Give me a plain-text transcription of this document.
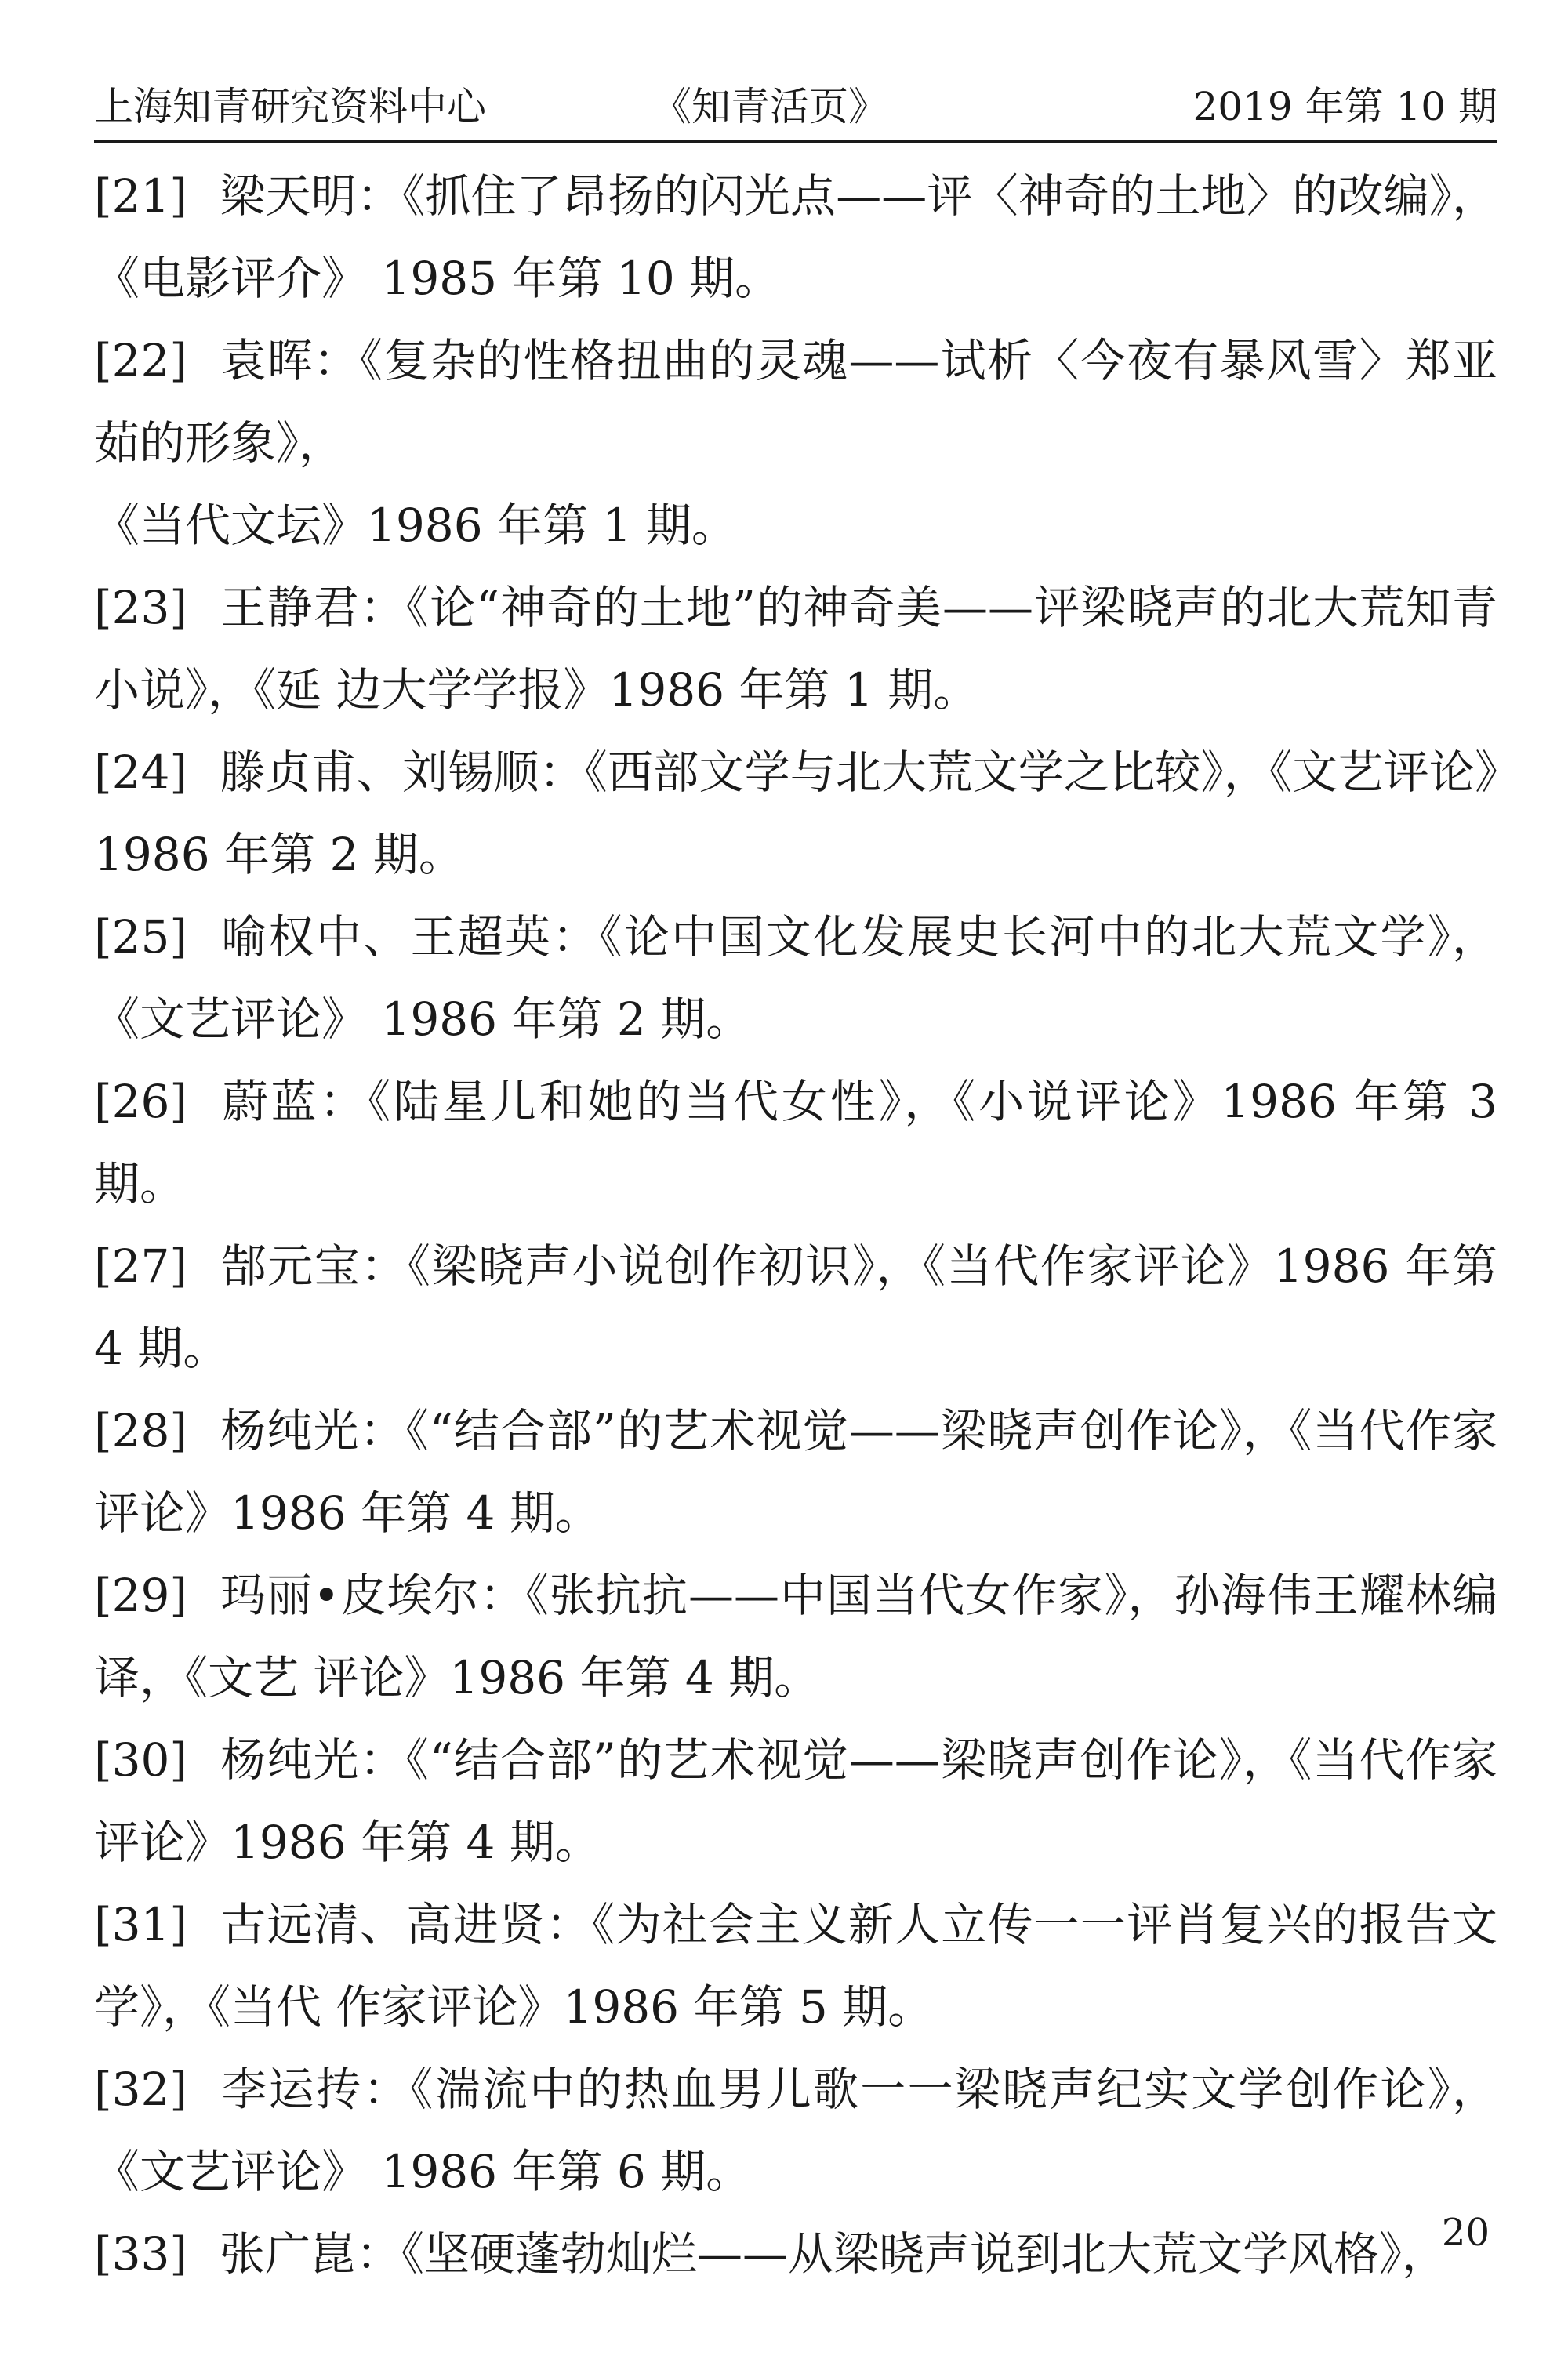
上海知青研究资料中心	《知青活页》	2019 年第 10 期
[21] 梁天明：《抓住了昂扬的闪光点——评〈神奇的土地〉的改编》，《电影评介》 1985 年第 10 期。
[22] 袁晖：《复杂的性格扭曲的灵魂——试析〈今夜有暴风雪〉郑亚茹的形象》，
《当代文坛》1986 年第 1 期。
[23] 王静君：《论“神奇的土地”的神奇美——评梁晓声的北大荒知青小说》，《延 边大学学报》1986 年第 1 期。
[24] 滕贞甫、刘锡顺：《西部文学与北大荒文学之比较》，《文艺评论》1986 年第 2 期。
[25] 喻权中、王超英：《论中国文化发展史长河中的北大荒文学》，《文艺评论》 1986 年第 2 期。
[26] 蔚蓝：《陆星儿和她的当代女性》，《小说评论》1986 年第 3 期。
[27] 郜元宝：《梁晓声小说创作初识》，《当代作家评论》1986 年第 4 期。
[28] 杨纯光：《“结合部”的艺术视觉——梁晓声创作论》，《当代作家评论》1986 年第 4 期。
[29] 玛丽•皮埃尔：《张抗抗——中国当代女作家》，孙海伟王耀林编译，《文艺 评论》1986 年第 4 期。
[30] 杨纯光：《“结合部”的艺术视觉——梁晓声创作论》，《当代作家评论》1986 年第 4 期。
[31] 古远清、高进贤：《为社会主义新人立传一一评肖复兴的报告文学》，《当代 作家评论》1986 年第 5 期。
[32] 李运抟：《湍流中的热血男儿歌一一梁晓声纪实文学创作论》，《文艺评论》 1986 年第 6 期。
[33] 张广崑：《坚硬蓬勃灿烂——从梁晓声说到北大荒文学风格》，
20
